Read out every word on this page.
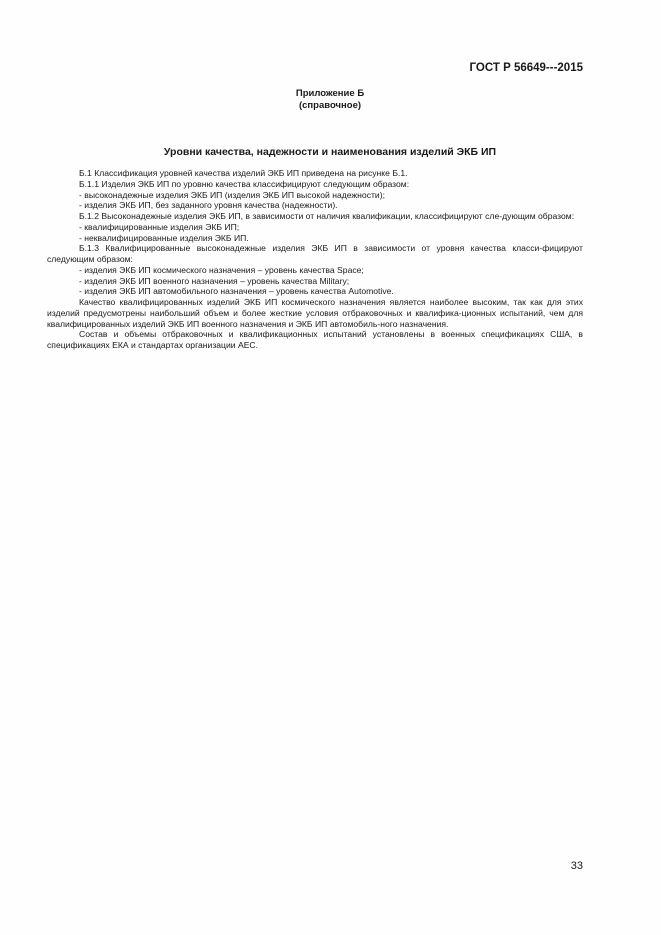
ГОСТ Р 56649---2015
Приложение Б
(справочное)
Уровни качества, надежности и наименования изделий ЭКБ ИП

Б.1 Классификация уровней качества изделий ЭКБ ИП приведена на рисунке Б.1.

Б.1.1 Изделия ЭКБ ИП по уровню качества классифицируют следующим образом:

- высоконадежные изделия ЭКБ ИП (изделия ЭКБ ИП высокой надежности);

- изделия ЭКБ ИП, без заданного уровня качества (надежности).

Б.1.2 Высоконадежные изделия ЭКБ ИП, в зависимости от наличия квалификации, классифицируют сле-дующим образом:

- квалифицированные изделия ЭКБ ИП;

- неквалифицированные изделия ЭКБ ИП.

Б.1.3 Квалифицированные высоконадежные изделия ЭКБ ИП в зависимости от уровня качества класси-фицируют следующим образом:

- изделия ЭКБ ИП космического назначения – уровень качества Space;

- изделия ЭКБ ИП военного назначения – уровень качества Military;

- изделия ЭКБ ИП автомобильного назначения – уровень качества Automotive.

Качество квалифицированных изделий ЭКБ ИП космического назначения является наиболее высоким, так как для этих изделий предусмотрены наибольший объем и более жесткие условия отбраковочных и квалифика-ционных испытаний, чем для квалифицированных изделий ЭКБ ИП военного назначения и ЭКБ ИП автомобиль-ного назначения.

Состав и объемы отбраковочных и квалификационных испытаний установлены в военных спецификациях США, в спецификациях ЕКА и стандартах организации АЕС.

33
